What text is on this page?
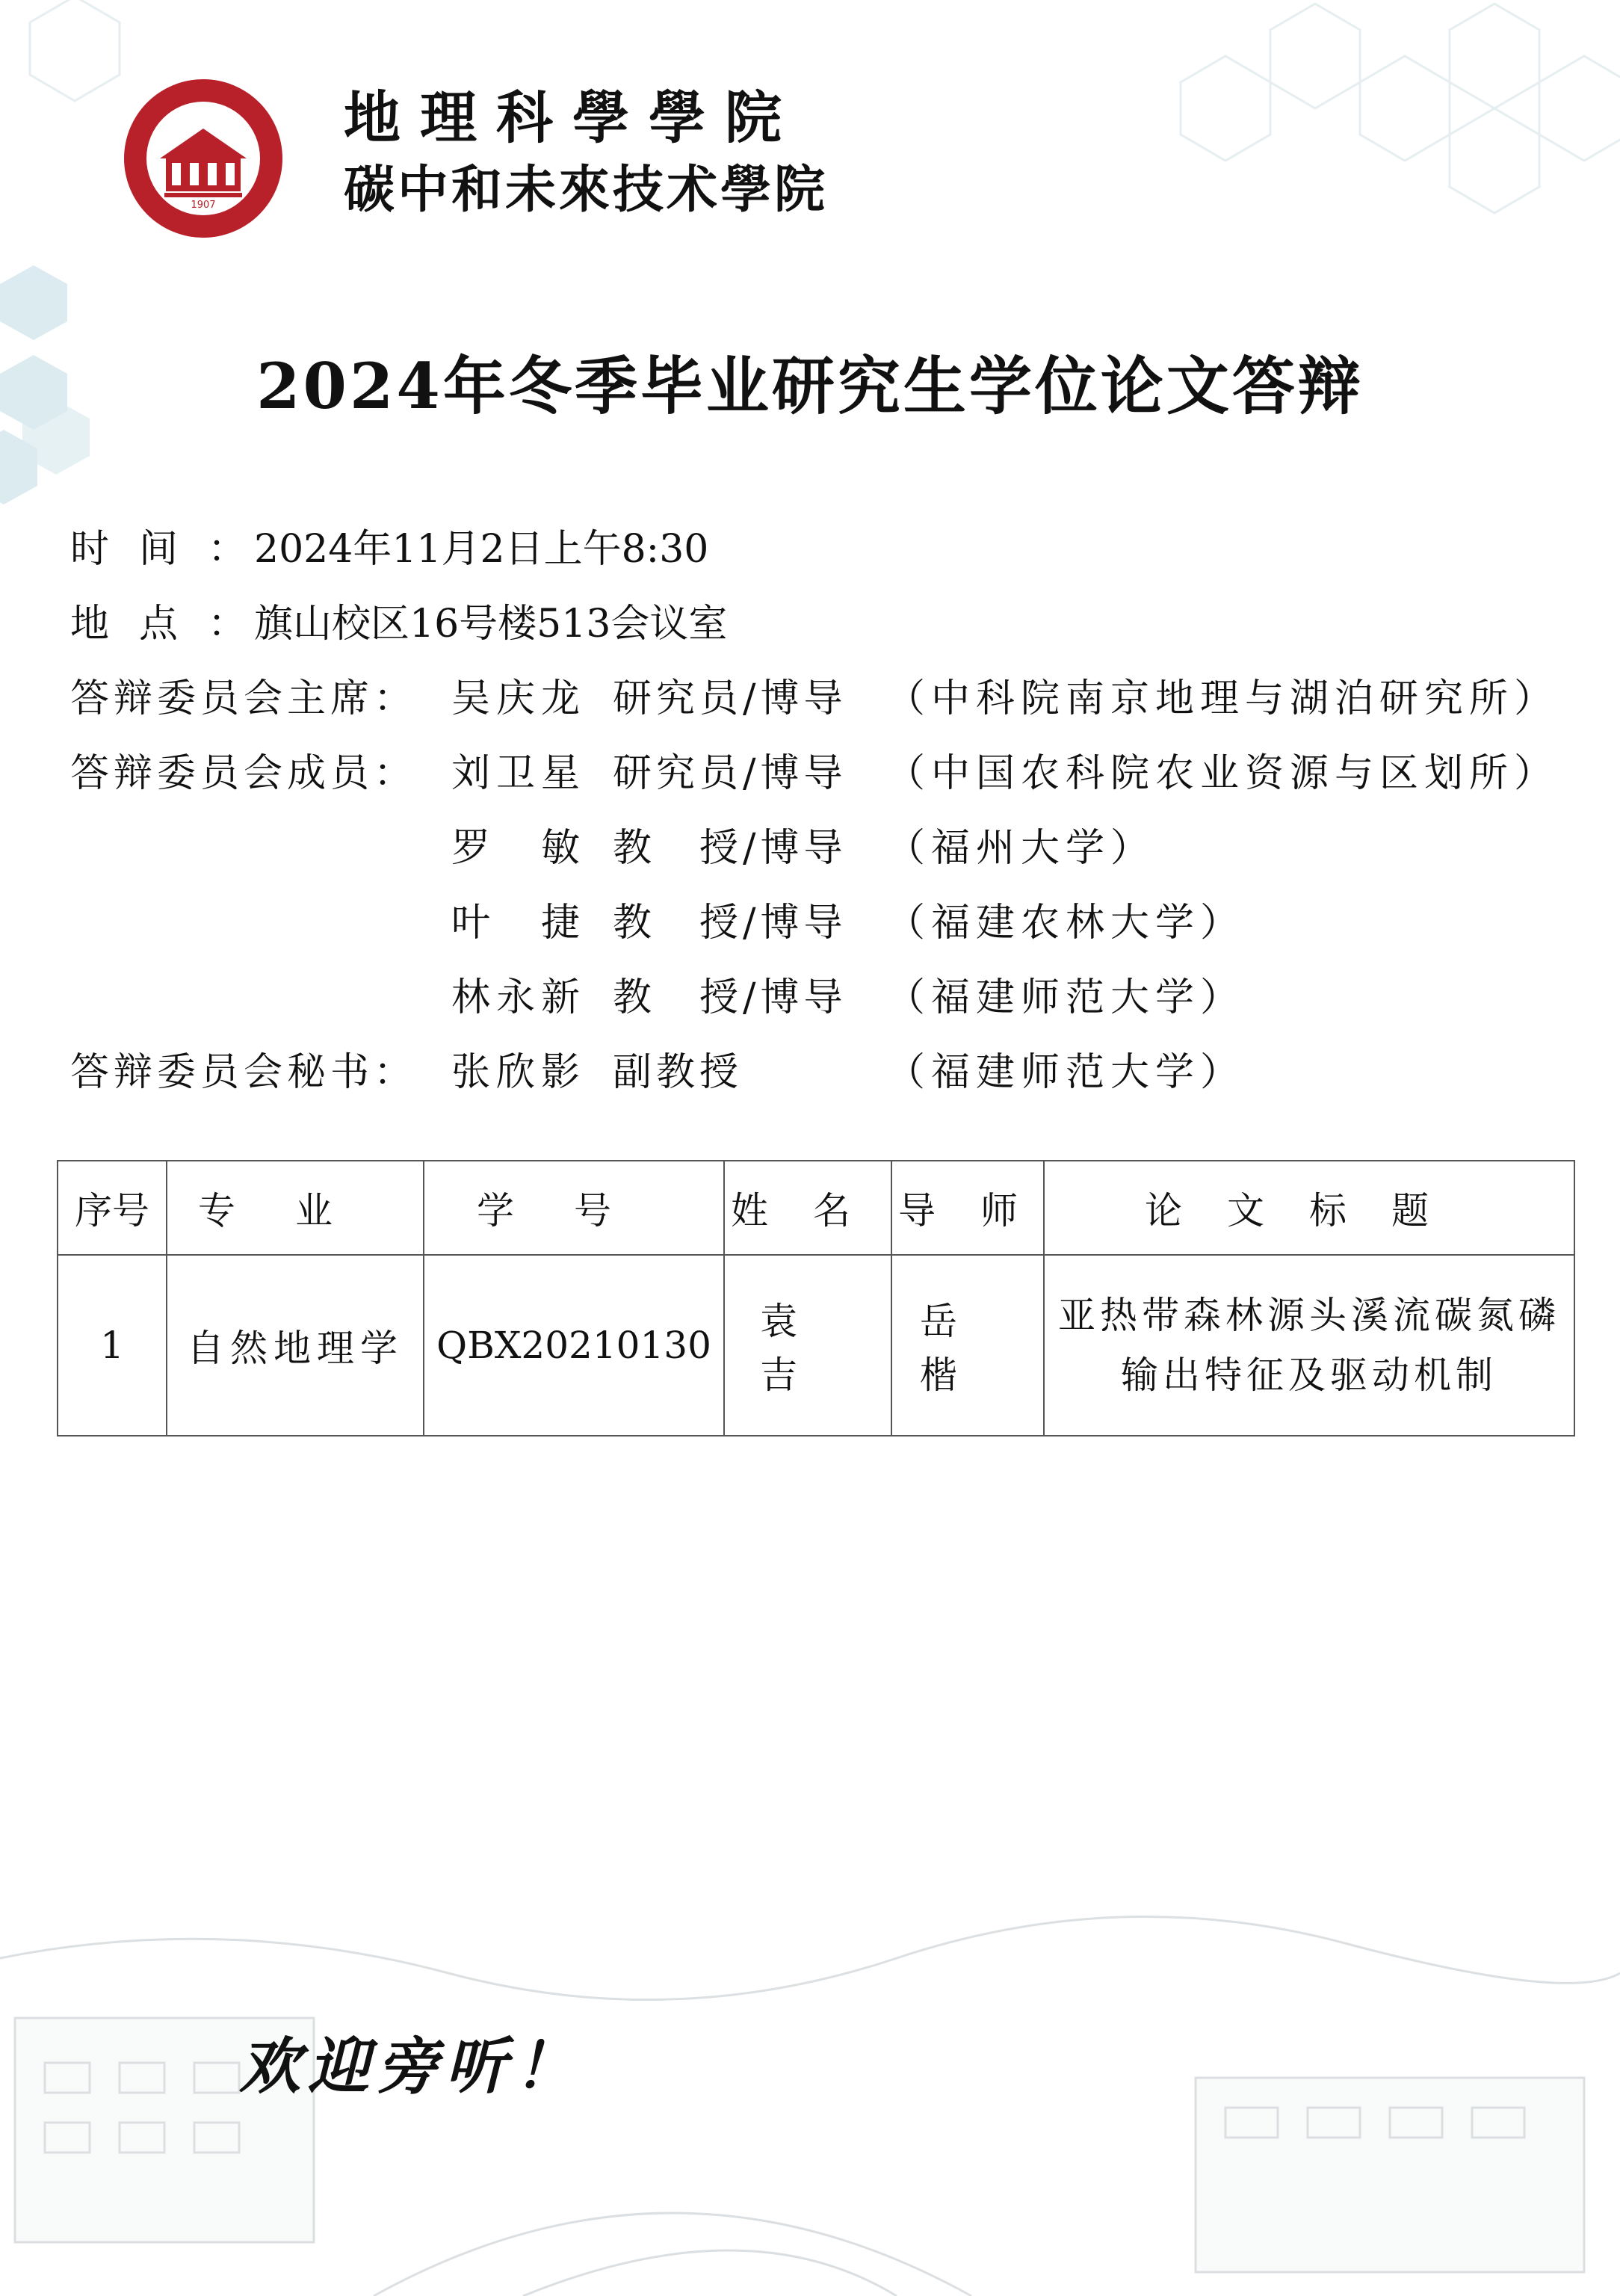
1907
地理科學學院
碳中和未來技术學院
2024年冬季毕业研究生学位论文答辩
时间：
2024年11月2日上午8:30
地点：
旗山校区16号楼513会议室
答辩委员会主席： 吴庆龙 研究员/博导 （中科院南京地理与湖泊研究所）
答辩委员会成员： 刘卫星 研究员/博导 （中国农科院农业资源与区划所）
罗　敏 教　授/博导 （福州大学）
叶　捷 教　授/博导 （福建农林大学）
林永新 教　授/博导 （福建师范大学）
答辩委员会秘书： 张欣影 副教授	（福建师范大学）
序号	专业	学号	姓名	导师	论文标题
1	自然地理学	QBX20210130	袁吉	岳楷	亚热带森林源头溪流碳氮磷输出特征及驱动机制
欢迎旁听！
